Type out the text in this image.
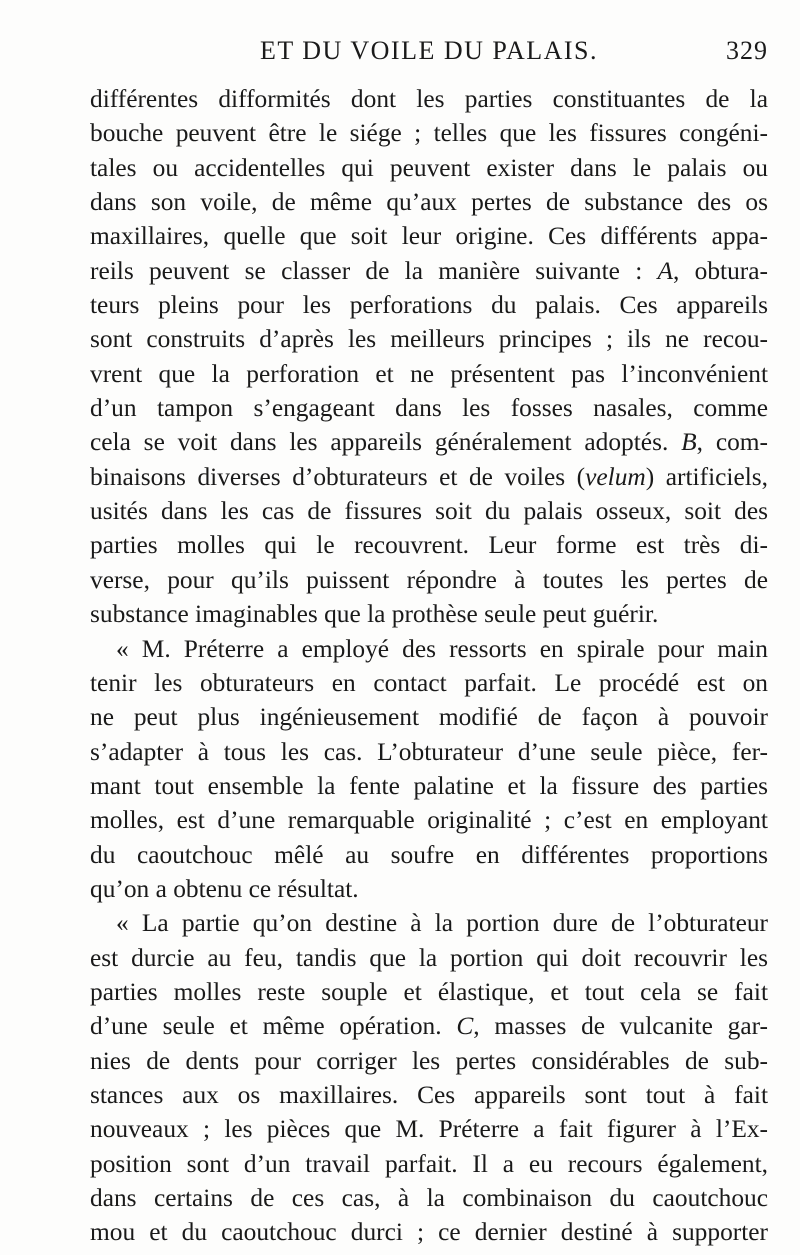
ET DU VOILE DU PALAIS.	329
différentes difformités dont les parties constituantes de la
bouche peuvent être le siége ; telles que les fissures congéni-
tales ou accidentelles qui peuvent exister dans le palais ou
dans son voile, de même qu’aux pertes de substance des os
maxillaires, quelle que soit leur origine. Ces différents appa-
reils peuvent se classer de la manière suivante : A, obtura-
teurs pleins pour les perforations du palais. Ces appareils
sont construits d’après les meilleurs principes ; ils ne recou-
vrent que la perforation et ne présentent pas l’inconvénient
d’un tampon s’engageant dans les fosses nasales, comme
cela se voit dans les appareils généralement adoptés. B, com-
binaisons diverses d’obturateurs et de voiles (velum) artificiels,
usités dans les cas de fissures soit du palais osseux, soit des
parties molles qui le recouvrent. Leur forme est très di-
verse, pour qu’ils puissent répondre à toutes les pertes de
substance imaginables que la prothèse seule peut guérir.
« M. Préterre a employé des ressorts en spirale pour main
tenir les obturateurs en contact parfait. Le procédé est on
ne peut plus ingénieusement modifié de façon à pouvoir
s’adapter à tous les cas. L’obturateur d’une seule pièce, fer-
mant tout ensemble la fente palatine et la fissure des parties
molles, est d’une remarquable originalité ; c’est en employant
du caoutchouc mêlé au soufre en différentes proportions
qu’on a obtenu ce résultat.
« La partie qu’on destine à la portion dure de l’obturateur
est durcie au feu, tandis que la portion qui doit recouvrir les
parties molles reste souple et élastique, et tout cela se fait
d’une seule et même opération. C, masses de vulcanite gar-
nies de dents pour corriger les pertes considérables de sub-
stances aux os maxillaires. Ces appareils sont tout à fait
nouveaux ; les pièces que M. Préterre a fait figurer à l’Ex-
position sont d’un travail parfait. Il a eu recours également,
dans certains de ces cas, à la combinaison du caoutchouc
mou et du caoutchouc durci ; ce dernier destiné à supporter
